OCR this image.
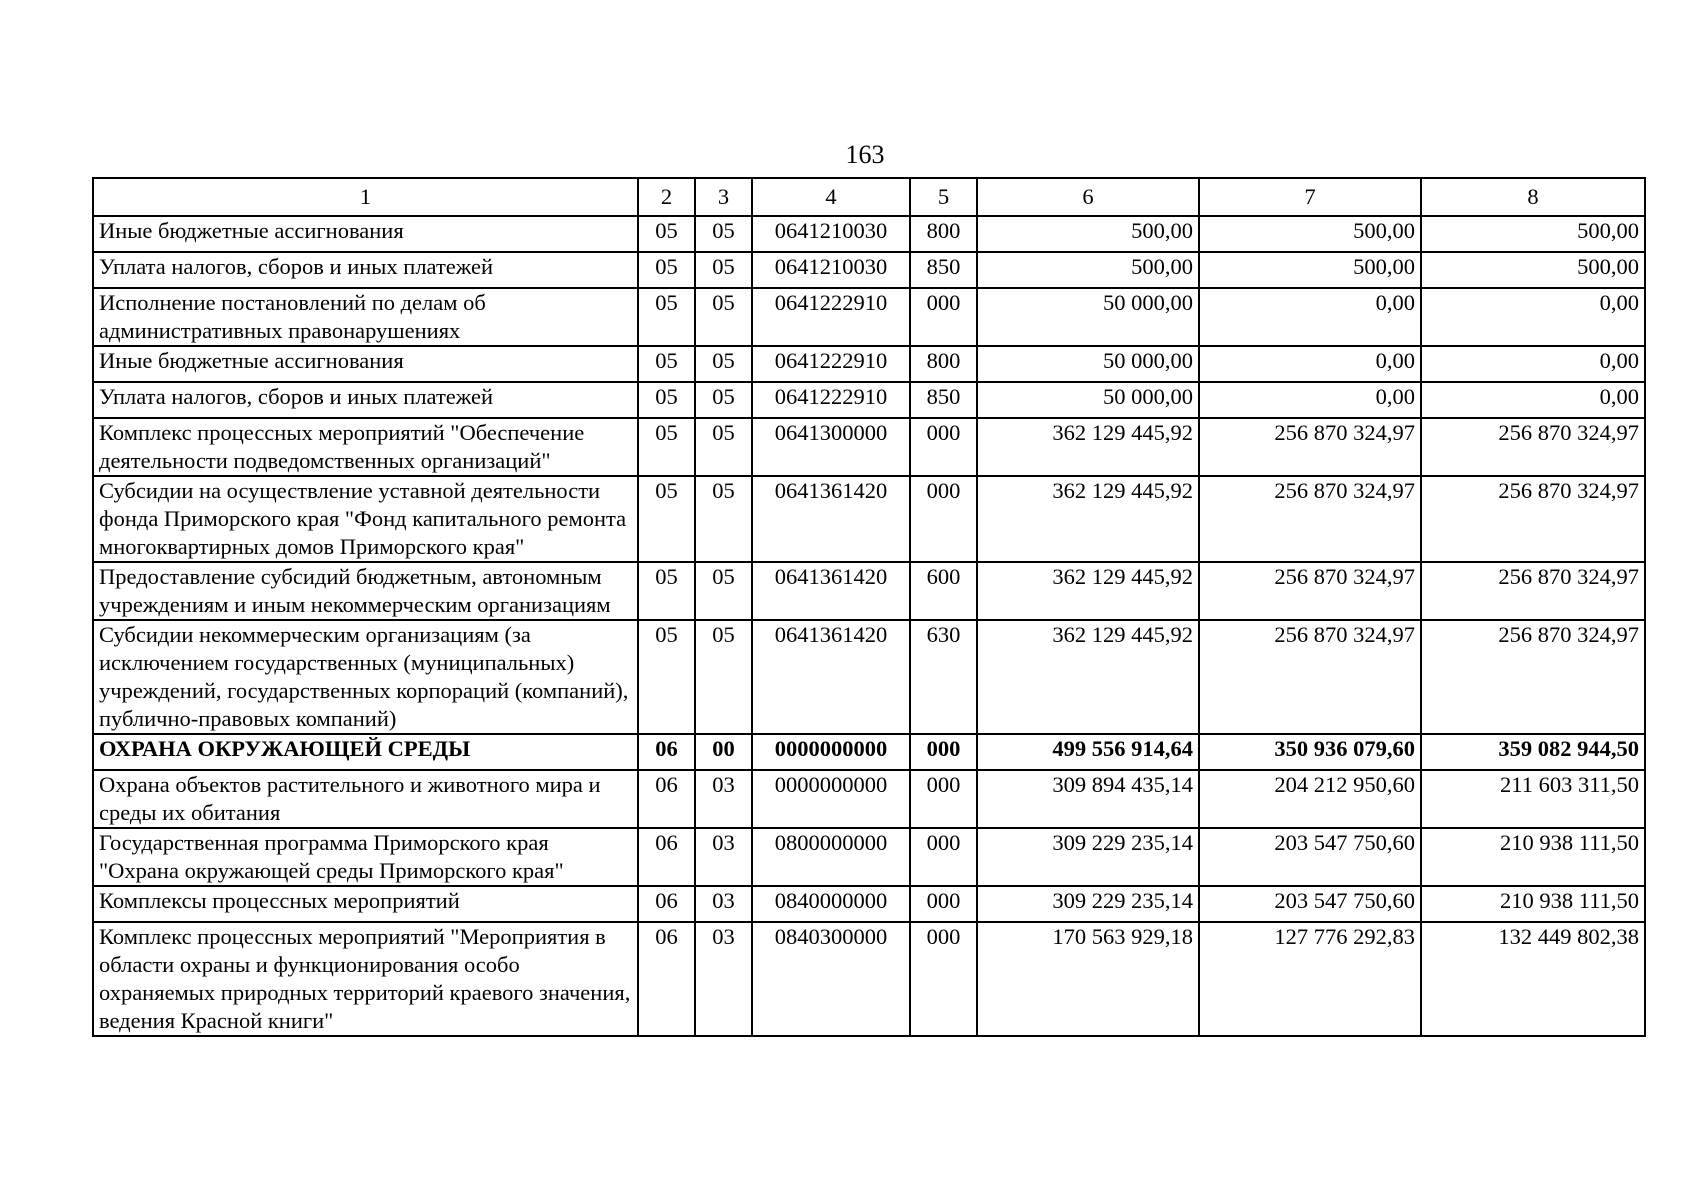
163
1	2	3	4	5	6	7	8
Иные бюджетные ассигнования	05	05	0641210030	800	500,00	500,00	500,00
Уплата налогов, сборов и иных платежей	05	05	0641210030	850	500,00	500,00	500,00
Исполнение постановлений по делам об административных правонарушениях	05	05	0641222910	000	50 000,00	0,00	0,00
Иные бюджетные ассигнования	05	05	0641222910	800	50 000,00	0,00	0,00
Уплата налогов, сборов и иных платежей	05	05	0641222910	850	50 000,00	0,00	0,00
Комплекс процессных мероприятий "Обеспечение деятельности подведомственных организаций"	05	05	0641300000	000	362 129 445,92	256 870 324,97	256 870 324,97
Субсидии на осуществление уставной деятельности фонда Приморского края "Фонд капитального ремонта многоквартирных домов Приморского края"	05	05	0641361420	000	362 129 445,92	256 870 324,97	256 870 324,97
Предоставление субсидий бюджетным, автономным учреждениям и иным некоммерческим организациям	05	05	0641361420	600	362 129 445,92	256 870 324,97	256 870 324,97
Субсидии некоммерческим организациям (за исключением государственных (муниципальных) учреждений, государственных корпораций (компаний), публично-правовых компаний)	05	05	0641361420	630	362 129 445,92	256 870 324,97	256 870 324,97
ОХРАНА ОКРУЖАЮЩЕЙ СРЕДЫ	06	00	0000000000	000	499 556 914,64	350 936 079,60	359 082 944,50
Охрана объектов растительного и животного мира и среды их обитания	06	03	0000000000	000	309 894 435,14	204 212 950,60	211 603 311,50
Государственная программа Приморского края "Охрана окружающей среды Приморского края"	06	03	0800000000	000	309 229 235,14	203 547 750,60	210 938 111,50
Комплексы процессных мероприятий	06	03	0840000000	000	309 229 235,14	203 547 750,60	210 938 111,50
Комплекс процессных мероприятий "Мероприятия в области охраны и функционирования особо охраняемых природных территорий краевого значения, ведения Красной книги"	06	03	0840300000	000	170 563 929,18	127 776 292,83	132 449 802,38
